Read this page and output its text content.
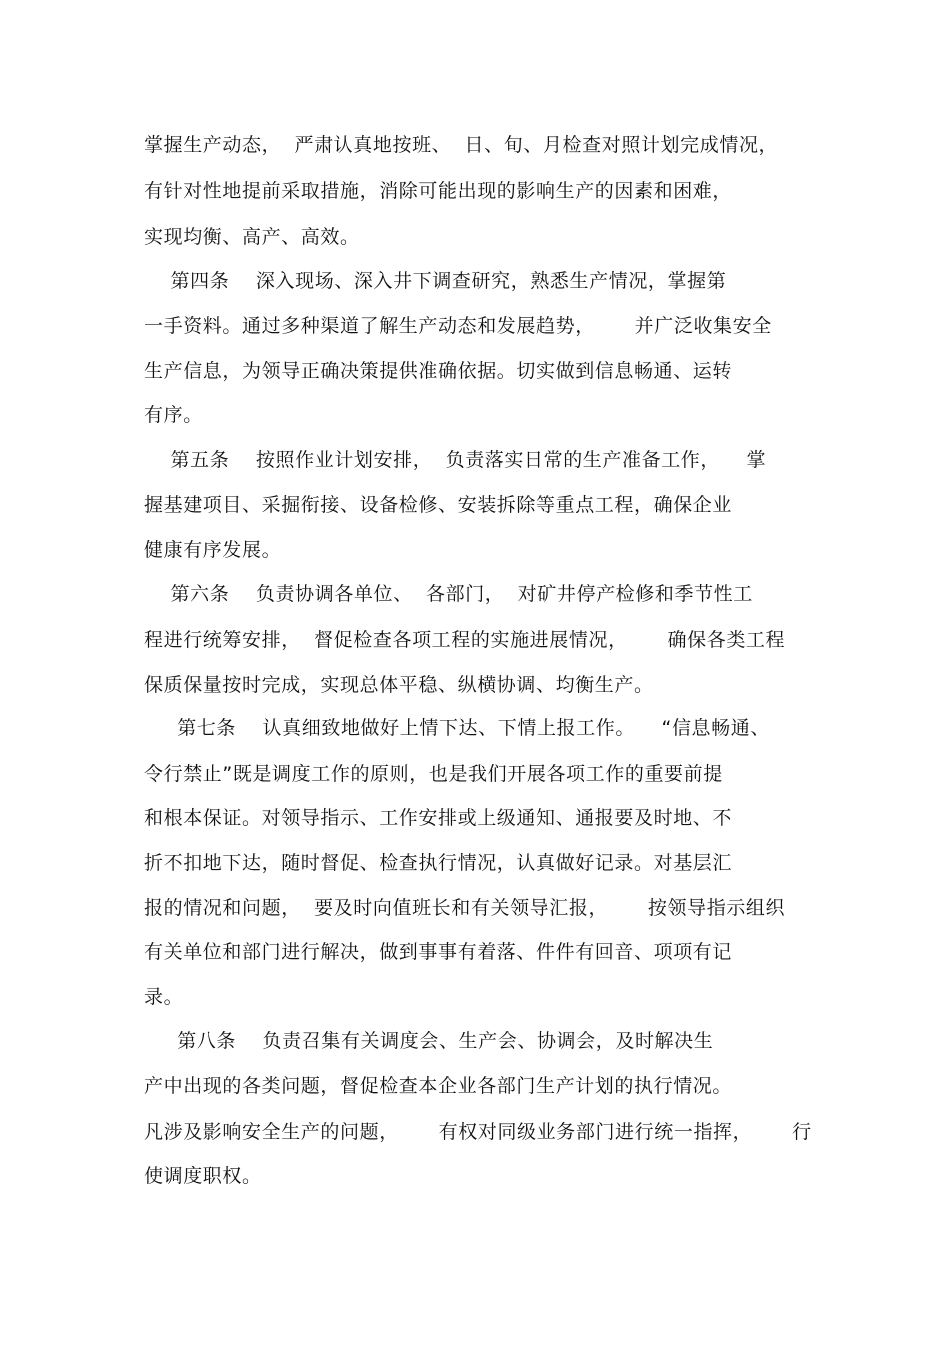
掌握生产动态，  严肃认真地按班、  日、旬、月检查对照计划完成情况，
有针对性地提前采取措施，消除可能出现的影响生产的因素和困难，
实现均衡、高产、高效。
第四条    深入现场、深入井下调查研究，熟悉生产情况，掌握第
一手资料。通过多种渠道了解生产动态和发展趋势，      并广泛收集安全
生产信息，为领导正确决策提供准确依据。切实做到信息畅通、运转
有序。
第五条    按照作业计划安排，  负责落实日常的生产准备工作，    掌
握基建项目、采掘衔接、设备检修、安装拆除等重点工程，确保企业
健康有序发展。
第六条    负责协调各单位、  各部门，  对矿井停产检修和季节性工
程进行统筹安排，  督促检查各项工程的实施进展情况，      确保各类工程
保质保量按时完成，实现总体平稳、纵横协调、均衡生产。
第七条    认真细致地做好上情下达、下情上报工作。    “信息畅通、
令行禁止”既是调度工作的原则，也是我们开展各项工作的重要前提
和根本保证。对领导指示、工作安排或上级通知、通报要及时地、不
折不扣地下达，随时督促、检查执行情况，认真做好记录。对基层汇
报的情况和问题，  要及时向值班长和有关领导汇报，      按领导指示组织
有关单位和部门进行解决，做到事事有着落、件件有回音、项项有记
录。
第八条    负责召集有关调度会、生产会、协调会，及时解决生
产中出现的各类问题，督促检查本企业各部门生产计划的执行情况。
凡涉及影响安全生产的问题，      有权对同级业务部门进行统一指挥，      行
使调度职权。
